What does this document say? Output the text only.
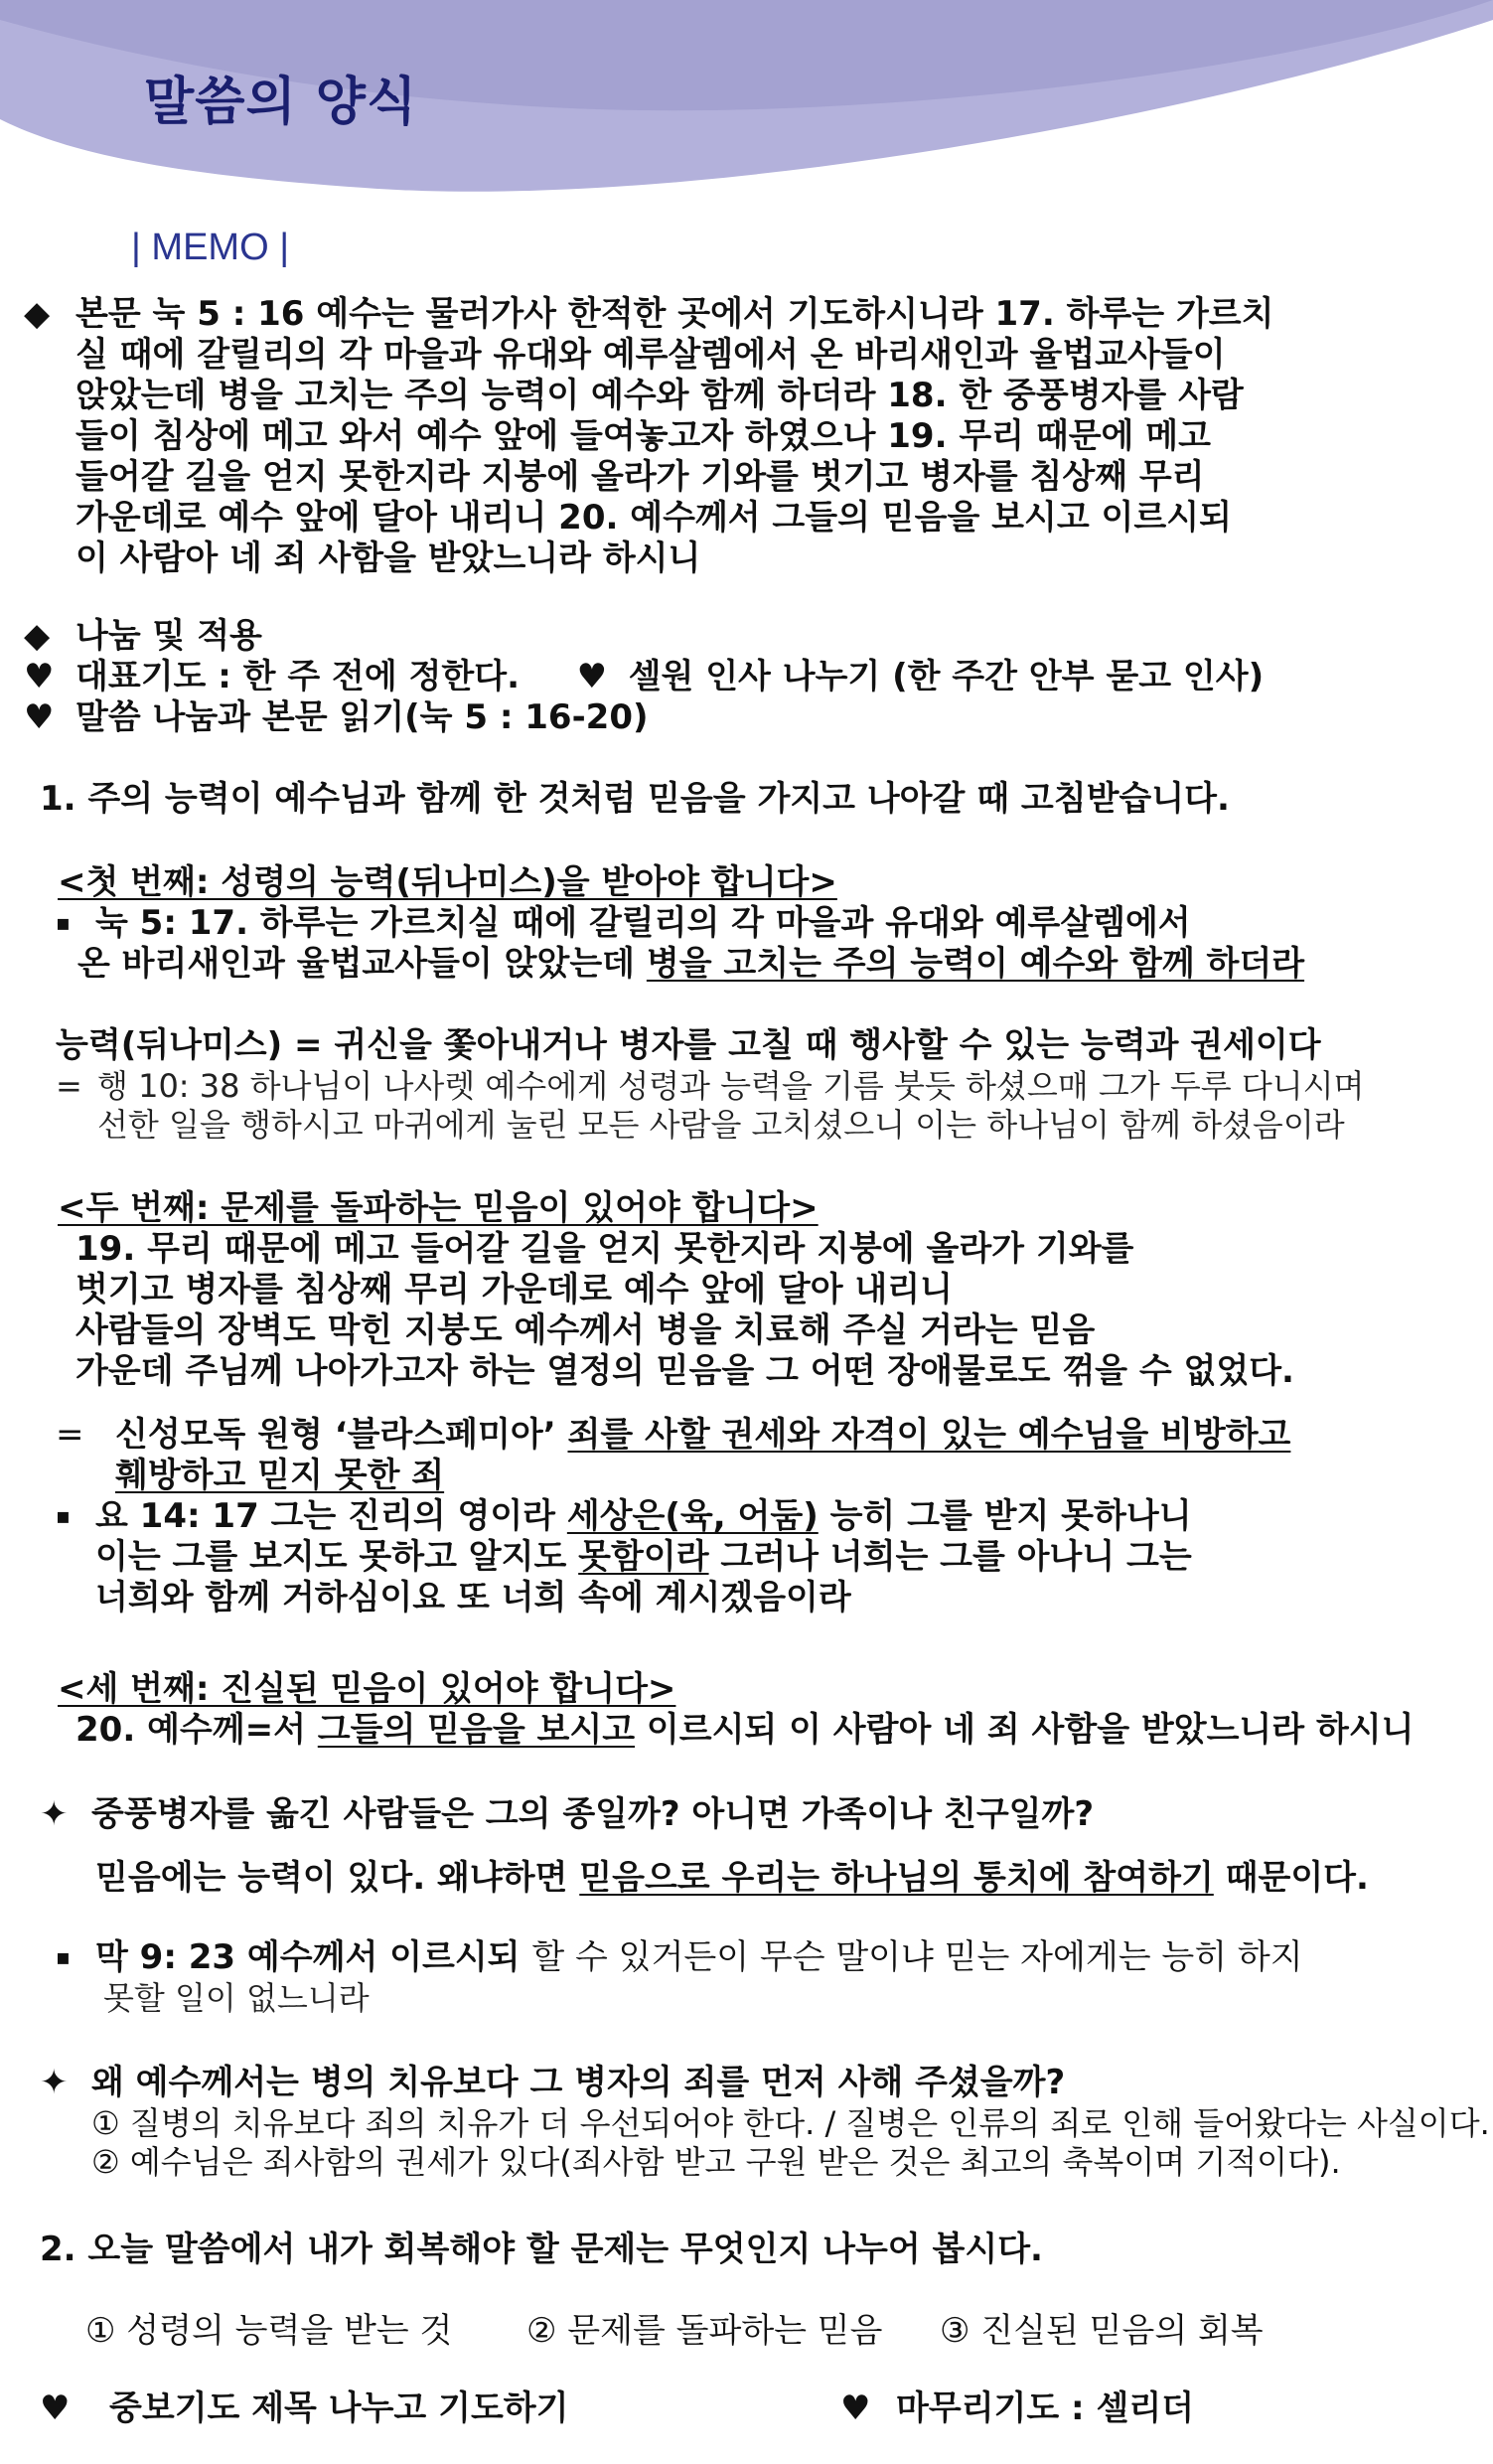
말씀의 양식
| MEMO |
◆ 본문 눅 5 : 16 예수는 물러가사 한적한 곳에서 기도하시니라 17. 하루는 가르치
실 때에 갈릴리의 각 마을과 유대와 예루살렘에서 온 바리새인과 율법교사들이
앉았는데 병을 고치는 주의 능력이 예수와 함께 하더라 18. 한 중풍병자를 사람
들이 침상에 메고 와서 예수 앞에 들여놓고자 하였으나 19. 무리 때문에 메고
들어갈 길을 얻지 못한지라 지붕에 올라가 기와를 벗기고 병자를 침상째 무리
가운데로 예수 앞에 달아 내리니 20. 예수께서 그들의 믿음을 보시고 이르시되
이 사람아 네 죄 사함을 받았느니라 하시니
◆ 나눔 및 적용
♥ 대표기도 : 한 주 전에 정한다. ♥ 셀원 인사 나누기 (한 주간 안부 묻고 인사)
♥ 말씀 나눔과 본문 읽기(눅 5 : 16-20)
1. 주의 능력이 예수님과 함께 한 것처럼 믿음을 가지고 나아갈 때 고침받습니다.
<첫 번째: 성령의 능력(뒤나미스)을 받아야 합니다>
▪ 눅 5: 17. 하루는 가르치실 때에 갈릴리의 각 마을과 유대와 예루살렘에서
온 바리새인과 율법교사들이 앉았는데 병을 고치는 주의 능력이 예수와 함께 하더라
능력(뒤나미스) = 귀신을 쫓아내거나 병자를 고칠 때 행사할 수 있는 능력과 권세이다
= 행 10: 38 하나님이 나사렛 예수에게 성령과 능력을 기름 붓듯 하셨으매 그가 두루 다니시며
선한 일을 행하시고 마귀에게 눌린 모든 사람을 고치셨으니 이는 하나님이 함께 하셨음이라
<두 번째: 문제를 돌파하는 믿음이 있어야 합니다>
19. 무리 때문에 메고 들어갈 길을 얻지 못한지라 지붕에 올라가 기와를
벗기고 병자를 침상째 무리 가운데로 예수 앞에 달아 내리니
사람들의 장벽도 막힌 지붕도 예수께서 병을 치료해 주실 거라는 믿음
가운데 주님께 나아가고자 하는 열정의 믿음을 그 어떤 장애물로도 꺾을 수 없었다.
= 신성모독 원형 ‘블라스페미아’ 죄를 사할 권세와 자격이 있는 예수님을 비방하고
훼방하고 믿지 못한 죄
▪ 요 14: 17 그는 진리의 영이라 세상은(육, 어둠) 능히 그를 받지 못하나니
이는 그를 보지도 못하고 알지도 못함이라 그러나 너희는 그를 아나니 그는
너희와 함께 거하심이요 또 너희 속에 계시겠음이라
<세 번째: 진실된 믿음이 있어야 합니다>
20. 예수께=서 그들의 믿음을 보시고 이르시되 이 사람아 네 죄 사함을 받았느니라 하시니
✦ 중풍병자를 옮긴 사람들은 그의 종일까? 아니면 가족이나 친구일까?
믿음에는 능력이 있다. 왜냐하면 믿음으로 우리는 하나님의 통치에 참여하기 때문이다.
▪ 막 9: 23 예수께서 이르시되 할 수 있거든이 무슨 말이냐 믿는 자에게는 능히 하지
못할 일이 없느니라
✦ 왜 예수께서는 병의 치유보다 그 병자의 죄를 먼저 사해 주셨을까?
① 질병의 치유보다 죄의 치유가 더 우선되어야 한다. / 질병은 인류의 죄로 인해 들어왔다는 사실이다.
② 예수님은 죄사함의 권세가 있다(죄사함 받고 구원 받은 것은 최고의 축복이며 기적이다).
2. 오늘 말씀에서 내가 회복해야 할 문제는 무엇인지 나누어 봅시다.
① 성령의 능력을 받는 것 ② 문제를 돌파하는 믿음 ③ 진실된 믿음의 회복
♥ 중보기도 제목 나누고 기도하기	♥ 마무리기도 : 셀리더
